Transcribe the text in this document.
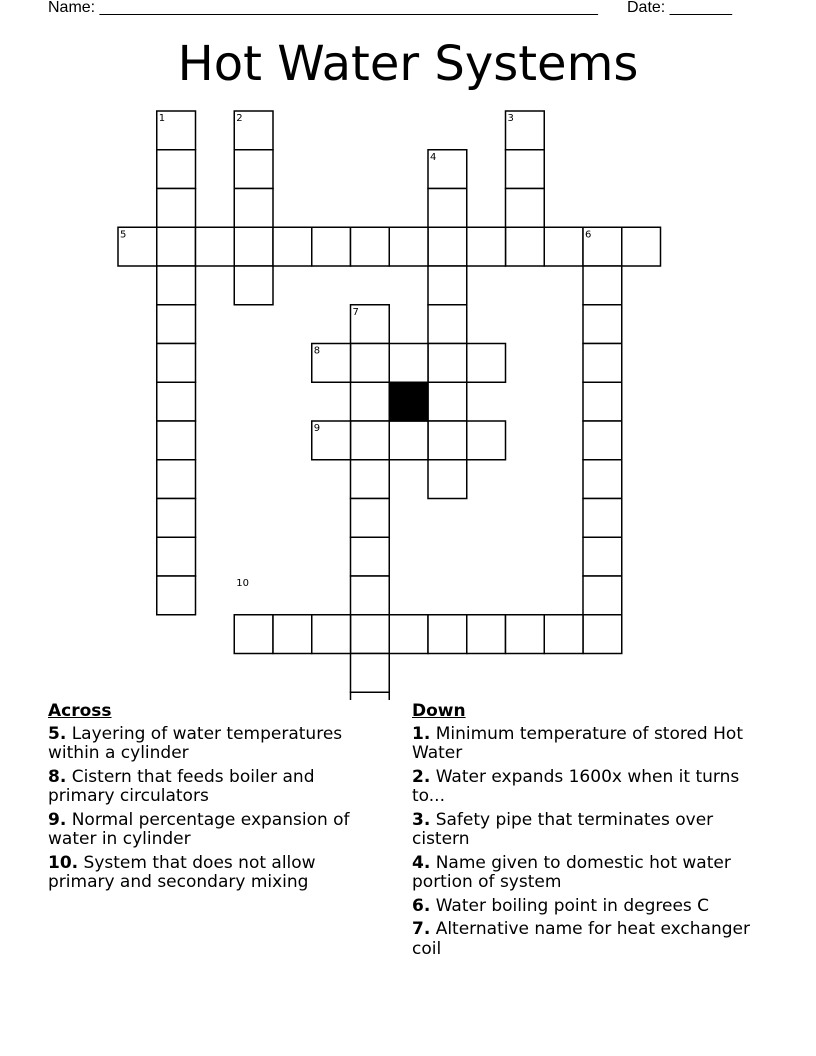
Name: ________________________________________________________ Date: _______
Hot Water Systems
1	2	3
4
5	6
7
8
9
10
Across
5. Layering of water temperatures within a cylinder
8. Cistern that feeds boiler and primary circulators
9. Normal percentage expansion of water in cylinder
10. System that does not allow primary and secondary mixing
Down
1. Minimum temperature of stored Hot Water
2. Water expands 1600x when it turns to...
3. Safety pipe that terminates over cistern
4. Name given to domestic hot water portion of system
6. Water boiling point in degrees C
7. Alternative name for heat exchanger coil
